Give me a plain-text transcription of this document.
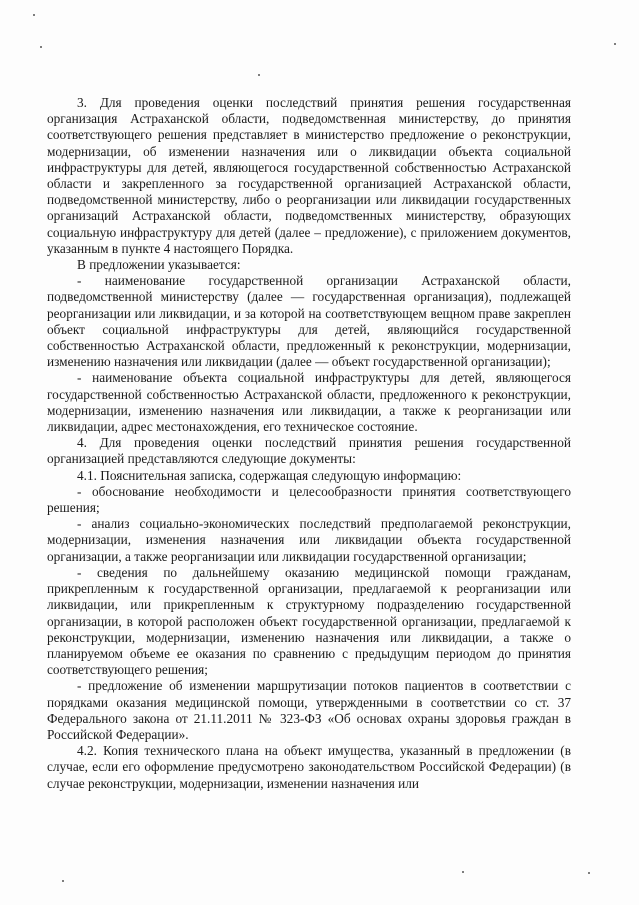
3. Для проведения оценки последствий принятия решения государственная организация Астраханской области, подведомственная министерству, до принятия соответствующего решения представляет в министерство предложение о реконструкции, модернизации, об изменении назначения или о ликвидации объекта социальной инфраструктуры для детей, являющегося государственной собственностью Астраханской области и закрепленного за государственной организацией Астраханской области, подведомственной министерству, либо о реорганизации или ликвидации государственных организаций Астраханской области, подведомственных министерству, образующих социальную инфраструктуру для детей (далее – предложение), с приложением документов, указанным в пункте 4 настоящего Порядка.

В предложении указывается:

- наименование государственной организации Астраханской области, подведомственной министерству (далее — государственная организация), подлежащей реорганизации или ликвидации, и за которой на соответствующем вещном праве закреплен объект социальной инфраструктуры для детей, являющийся государственной собственностью Астраханской области, предложенный к реконструкции, модернизации, изменению назначения или ликвидации (далее — объект государственной организации);

- наименование объекта социальной инфраструктуры для детей, являющегося государственной собственностью Астраханской области, предложенного к реконструкции, модернизации, изменению назначения или ликвидации, а также к реорганизации или ликвидации, адрес местонахождения, его техническое состояние.

4. Для проведения оценки последствий принятия решения государственной организацией представляются следующие документы:

4.1. Пояснительная записка, содержащая следующую информацию:

- обоснование необходимости и целесообразности принятия соответствующего решения;

- анализ социально-экономических последствий предполагаемой реконструкции, модернизации, изменения назначения или ликвидации объекта государственной организации, а также реорганизации или ликвидации государственной организации;

- сведения по дальнейшему оказанию медицинской помощи гражданам, прикрепленным к государственной организации, предлагаемой к реорганизации или ликвидации, или прикрепленным к структурному подразделению государственной организации, в которой расположен объект государственной организации, предлагаемой к реконструкции, модернизации, изменению назначения или ликвидации, а также о планируемом объеме ее оказания по сравнению с предыдущим периодом до принятия соответствующего решения;

- предложение об изменении маршрутизации потоков пациентов в соответствии с порядками оказания медицинской помощи, утвержденными в соответствии со ст. 37 Федерального закона от 21.11.2011 № 323-ФЗ «Об основах охраны здоровья граждан в Российской Федерации».

4.2. Копия технического плана на объект имущества, указанный в предложении (в случае, если его оформление предусмотрено законодательством Российской Федерации) (в случае реконструкции, модернизации, изменении назначения или
